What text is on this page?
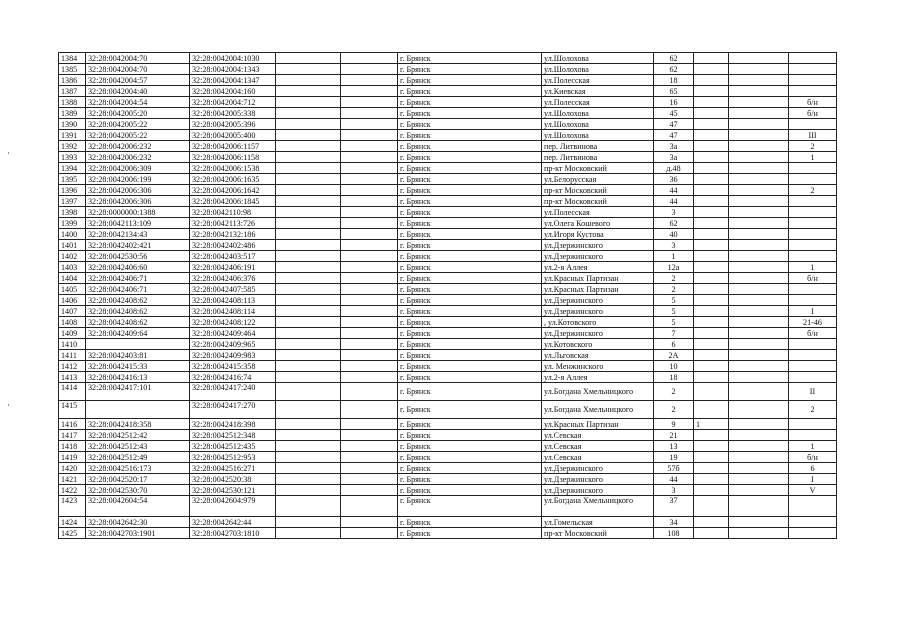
1384	32:28:0042004:70	32:28:0042004:1030			г. Брянск	ул.Шолохова	62			
1385	32:28:0042004:70	32:28:0042004:1343			г. Брянск	ул.Шолохова	62			
1386	32:28:0042004:57	32:28:0042004:1347			г. Брянск	ул.Полесская	18			
1387	32:28:0042004:40	32:28:0042004:160			г. Брянск	ул.Киевская	65			
1388	32:28:0042004:54	32:28:0042004:712			г. Брянск	ул.Полесская	16			б/н
1389	32:28:0042005:20	32:28:0042005:338			г. Брянск	ул.Шолохова	45			б/н
1390	32:28:0042005:22	32:28:0042005:396			г. Брянск	ул.Шолохова	47			
1391	32:28:0042005:22	32:28:0042005:400			г. Брянск	ул.Шолохова	47			III
1392	32:28:0042006:232	32:28:0042006:1157			г. Брянск	пер. Литвинова	3а			2
1393	32:28:0042006:232	32:28:0042006:1158			г. Брянск	пер. Литвинова	3а			1
1394	32:28:0042006:309	32:28:0042006:1538			г. Брянск	пр-кт Московский	д.48			
1395	32:28:0042006:199	32:28:0042006:1635			г. Брянск	ул.Белорусская	36			
1396	32:28:0042006:306	32:28:0042006:1642			г. Брянск	пр-кт Московский	44			2
1397	32:28:0042006:306	32:28:0042006:1845			г. Брянск	пр-кт Московский	44			
1398	32:28:0000000:1388	32:28:0042110:98			г. Брянск	ул.Полесская	3			
1399	32:28:0042113:109	32:28:0042113:726			г. Брянск	ул.Олега Кошевого	62			
1400	32:28:0042134:43	32:28:0042132:186			г. Брянск	ул.Игоря Кустова	40			
1401	32:28:0042402:421	32:28:0042402:486			г. Брянск	ул.Дзержинского	3			
1402	32:28:0042530:56	32:28:0042403:517			г. Брянск	ул.Дзержинского	1			
1403	32:28:0042406:60	32:28:0042406:191			г. Брянск	ул.2-я Аллея	12а			1
1404	32:28:0042406:71	32:28:0042406:376			г. Брянск	ул.Красных Партизан	2			б/н
1405	32:28:0042406:71	32:28:0042407:585			г. Брянск	ул.Красных Партизан	2			
1406	32:28:0042408:62	32:28:0042408:113			г. Брянск	ул.Дзержинского	5			
1407	32:28:0042408:62	32:28:0042408:114			г. Брянск	ул.Дзержинского	5			I
1408	32:28:0042408:62	32:28:0042408:122			г. Брянск	, ул.Котовского	5			21-46
1409	32:28:0042409:64	32:28:0042409:464			г. Брянск	ул.Дзержинского	7			б/н
1410		32:28:0042409:965			г. Брянск	ул.Котовского	6			
1411	32:28:0042403:81	32:28:0042409:983			г. Брянск	ул.Льговская	2А			
1412	32:28:0042415:33	32:28:0042415:358			г. Брянск	ул. Менжинского	10			
1413	32:28:0042416:13	32:28:0042416:74			г. Брянск	ул.2-я Аллея	18			
1414	32:28:0042417:101	32:28:0042417:240			г. Брянск	ул.Богдана Хмельницкого	2			II
1415		32:28:0042417:270			г. Брянск	ул.Богдана Хмельницкого	2			2
1416	32:28:0042418:358	32:28:0042418:398			г. Брянск	ул.Красных Партизан	9	1		
1417	32:28:0042512:42	32:28:0042512:348			г. Брянск	ул.Севская	21			
1418	32:28:0042512:43	32:28:0042512:435			г. Брянск	ул.Севская	13			1
1419	32:28:0042512:49	32:28:0042512:953			г. Брянск	ул.Севская	19			б/н
1420	32:28:0042516:173	32:28:0042516:271			г. Брянск	ул.Дзержинского	57б			6
1421	32:28:0042520:17	32:28:0042520:38			г. Брянск	ул.Дзержинского	44			I
1422	32:28:0042530:70	32:28:0042530:121			г. Брянск	ул.Дзержинского	3			V
1423	32:28:0042604:54	32:28:0042604:979			г. Брянск	ул.Богдана Хмельницкого	37			
1424	32:28:0042642:30	32:28:0042642:44			г. Брянск	ул.Гомельская	34			
1425	32:28:0042703:1901	32:28:0042703:1810			г. Брянск	пр-кт Московский	108			
